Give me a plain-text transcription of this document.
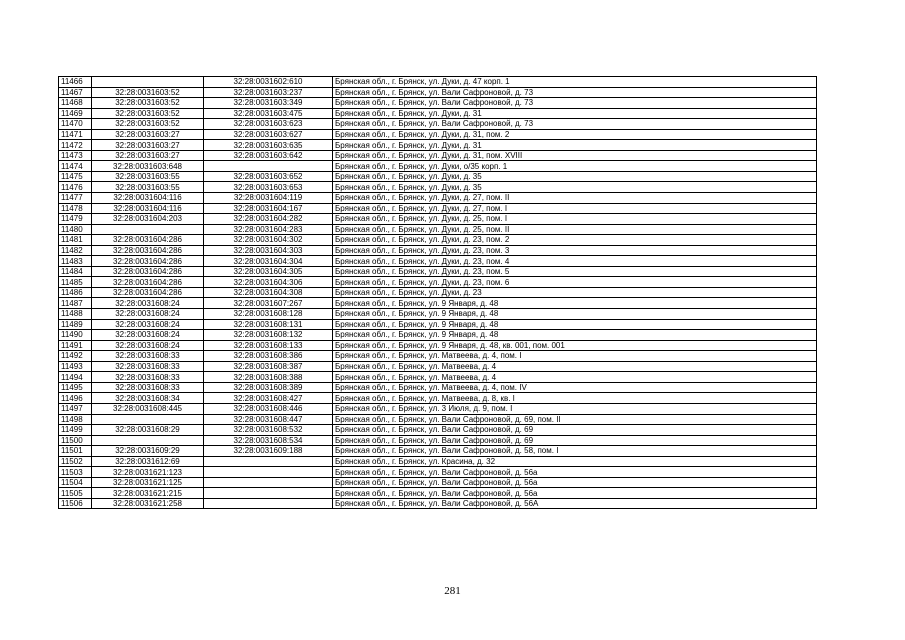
11466		32:28:0031602:610	Брянская обл., г. Брянск, ул. Дуки, д. 47 корп. 1
11467	32:28:0031603:52	32:28:0031603:237	Брянская обл., г. Брянск, ул. Вали Сафроновой, д. 73
11468	32:28:0031603:52	32:28:0031603:349	Брянская обл., г. Брянск, ул. Вали Сафроновой, д. 73
11469	32:28:0031603:52	32:28:0031603:475	Брянская обл., г. Брянск, ул. Дуки, д. 31
11470	32:28:0031603:52	32:28:0031603:623	Брянская обл., г. Брянск, ул. Вали Сафроновой, д. 73
11471	32:28:0031603:27	32:28:0031603:627	Брянская обл., г. Брянск, ул. Дуки, д. 31, пом. 2
11472	32:28:0031603:27	32:28:0031603:635	Брянская обл., г. Брянск, ул. Дуки, д. 31
11473	32:28:0031603:27	32:28:0031603:642	Брянская обл., г. Брянск, ул. Дуки, д. 31, пом. XVIII
11474	32:28:0031603:648		Брянская обл., г. Брянск, ул. Дуки, о/35 корп. 1
11475	32:28:0031603:55	32:28:0031603:652	Брянская обл., г. Брянск, ул. Дуки, д. 35
11476	32:28:0031603:55	32:28:0031603:653	Брянская обл., г. Брянск, ул. Дуки, д. 35
11477	32:28:0031604:116	32:28:0031604:119	Брянская обл., г. Брянск, ул. Дуки, д. 27, пом. II
11478	32:28:0031604:116	32:28:0031604:167	Брянская обл., г. Брянск, ул. Дуки, д. 27, пом. I
11479	32:28:0031604:203	32:28:0031604:282	Брянская обл., г. Брянск, ул. Дуки, д. 25, пом. I
11480		32:28:0031604:283	Брянская обл., г. Брянск, ул. Дуки, д. 25, пом. II
11481	32:28:0031604:286	32:28:0031604:302	Брянская обл., г. Брянск, ул. Дуки, д. 23, пом. 2
11482	32:28:0031604:286	32:28:0031604:303	Брянская обл., г. Брянск, ул. Дуки, д. 23, пом. 3
11483	32:28:0031604:286	32:28:0031604:304	Брянская обл., г. Брянск, ул. Дуки, д. 23, пом. 4
11484	32:28:0031604:286	32:28:0031604:305	Брянская обл., г. Брянск, ул. Дуки, д. 23, пом. 5
11485	32:28:0031604:286	32:28:0031604:306	Брянская обл., г. Брянск, ул. Дуки, д. 23, пом. 6
11486	32:28:0031604:286	32:28:0031604:308	Брянская обл., г. Брянск, ул. Дуки, д. 23
11487	32:28:0031608:24	32:28:0031607:267	Брянская обл., г. Брянск, ул. 9 Января, д. 48
11488	32:28:0031608:24	32:28:0031608:128	Брянская обл., г. Брянск, ул. 9 Января, д. 48
11489	32:28:0031608:24	32:28:0031608:131	Брянская обл., г. Брянск, ул. 9 Января, д. 48
11490	32:28:0031608:24	32:28:0031608:132	Брянская обл., г. Брянск, ул. 9 Января, д. 48
11491	32:28:0031608:24	32:28:0031608:133	Брянская обл., г. Брянск, ул. 9 Января, д. 48, кв. 001, пом. 001
11492	32:28:0031608:33	32:28:0031608:386	Брянская обл., г. Брянск, ул. Матвеева, д. 4, пом. I
11493	32:28:0031608:33	32:28:0031608:387	Брянская обл., г. Брянск, ул. Матвеева, д. 4
11494	32:28:0031608:33	32:28:0031608:388	Брянская обл., г. Брянск, ул. Матвеева, д. 4
11495	32:28:0031608:33	32:28:0031608:389	Брянская обл., г. Брянск, ул. Матвеева, д. 4, пом. IV
11496	32:28:0031608:34	32:28:0031608:427	Брянская обл., г. Брянск, ул. Матвеева, д. 8, кв. I
11497	32:28:0031608:445	32:28:0031608:446	Брянская обл., г. Брянск, ул. 3 Июля, д. 9, пом. I
11498		32:28:0031608:447	Брянская обл., г. Брянск, ул. Вали Сафроновой, д. 69, пом. II
11499	32:28:0031608:29	32:28:0031608:532	Брянская обл., г. Брянск, ул. Вали Сафроновой, д. 69
11500		32:28:0031608:534	Брянская обл., г. Брянск, ул. Вали Сафроновой, д. 69
11501	32:28:0031609:29	32:28:0031609:188	Брянская обл., г. Брянск, ул. Вали Сафроновой, д. 58, пом. I
11502	32:28:0031612:69		Брянская обл., г. Брянск, ул. Красина, д. 32
11503	32:28:0031621:123		Брянская обл., г. Брянск, ул. Вали Сафроновой, д. 56а
11504	32:28:0031621:125		Брянская обл., г. Брянск, ул. Вали Сафроновой, д. 56а
11505	32:28:0031621:215		Брянская обл., г. Брянск, ул. Вали Сафроновой, д. 56а
11506	32:28:0031621:258		Брянская обл., г. Брянск, ул. Вали Сафроновой, д. 56А
281
